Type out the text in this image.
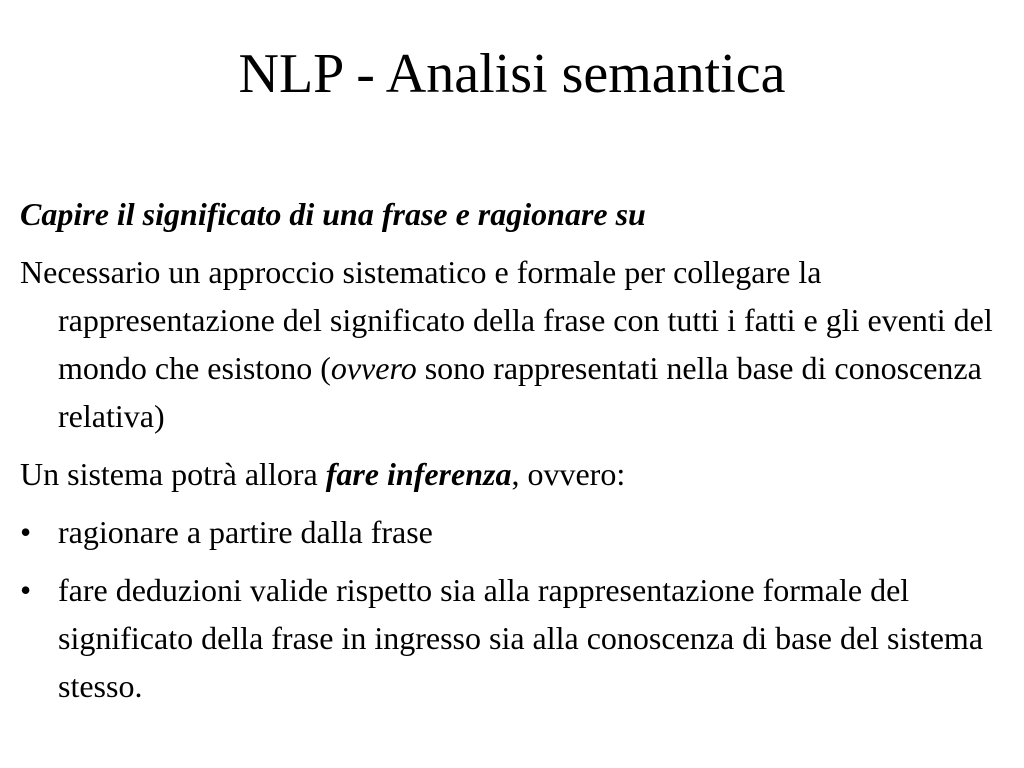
NLP - Analisi semantica

Capire il significato di una frase e ragionare su

Necessario un approccio sistematico e formale per collegare la rappresentazione del significato della frase con tutti i fatti e gli eventi del mondo che esistono (ovvero sono rappresentati nella base di conoscenza relativa)

Un sistema potrà allora fare inferenza, ovvero:

• ragionare a partire dalla frase
• fare deduzioni valide rispetto sia alla rappresentazione formale del significato della frase in ingresso sia alla conoscenza di base del sistema stesso.
